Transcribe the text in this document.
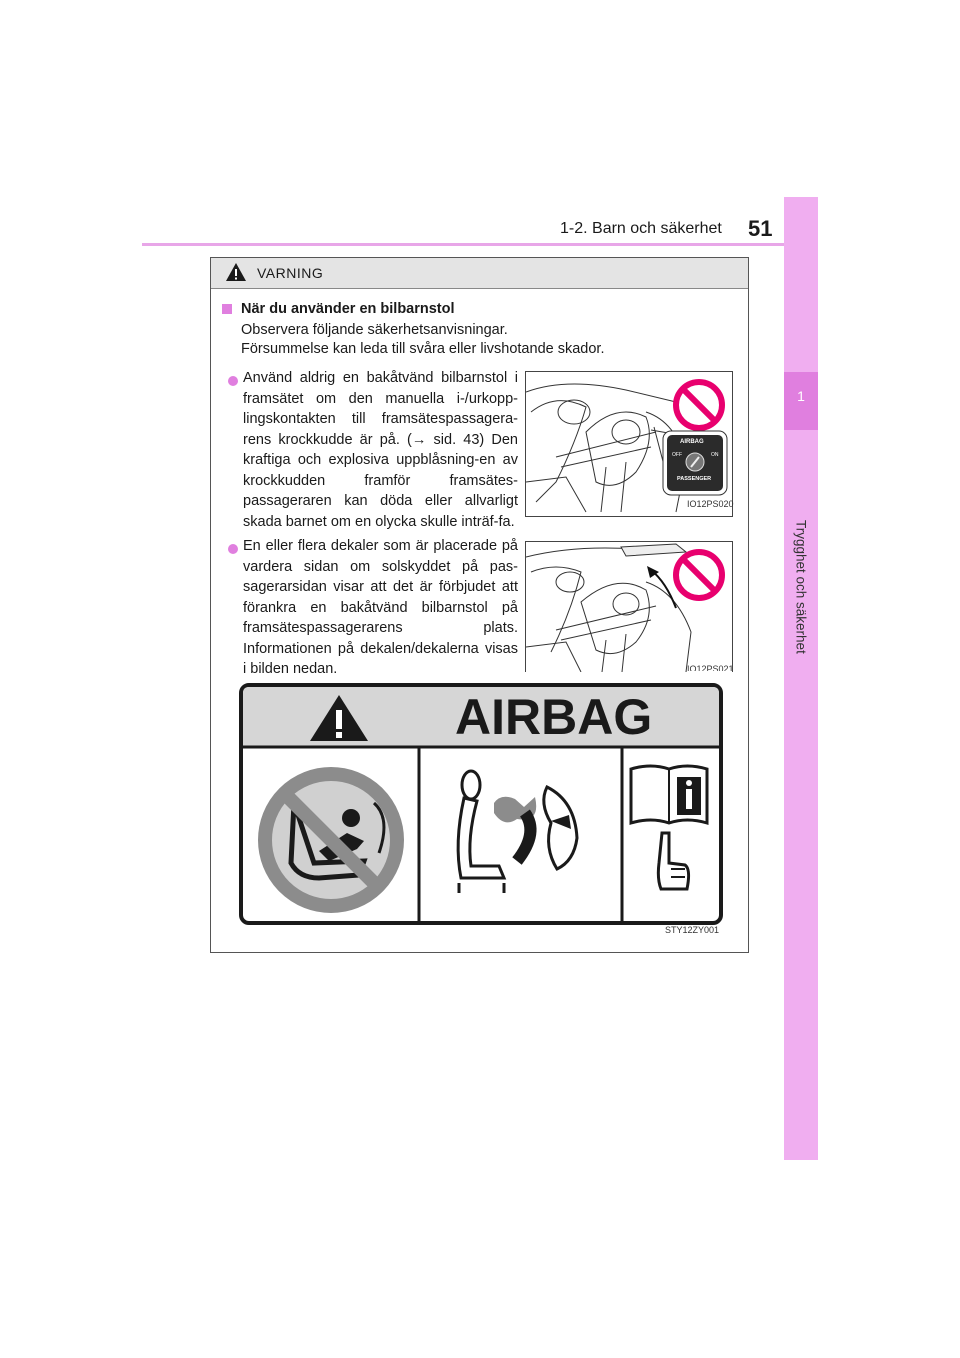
1-2. Barn och säkerhet 51
1
Trygghet och säkerhet
VARNING
När du använder en bilbarnstol
Observera följande säkerhetsanvisningar.
Försummelse kan leda till svåra eller livshotande skador.
Använd aldrig en bakåtvänd bilbarnstol i framsätet om den manuella i-/urkopp-lingskontakten till framsätespassagera-rens krockkudde är på. (→ sid. 43) Den kraftiga och explosiva uppblåsning-en av krockkudden framför framsätes-passageraren kan döda eller allvarligt skada barnet om en olycka skulle inträf-fa.
AIRBAG
OFF	ON
PASSENGER
IO12PS020
En eller flera dekaler som är placerade på vardera sidan om solskyddet på pas-sagerarsidan visar att det är förbjudet att förankra en bakåtvänd bilbarnstol på framsätespassagerarens plats. Informationen på dekalen/dekalerna visas i bilden nedan.	IO12PS021
AIRBAG
STY12ZY001
